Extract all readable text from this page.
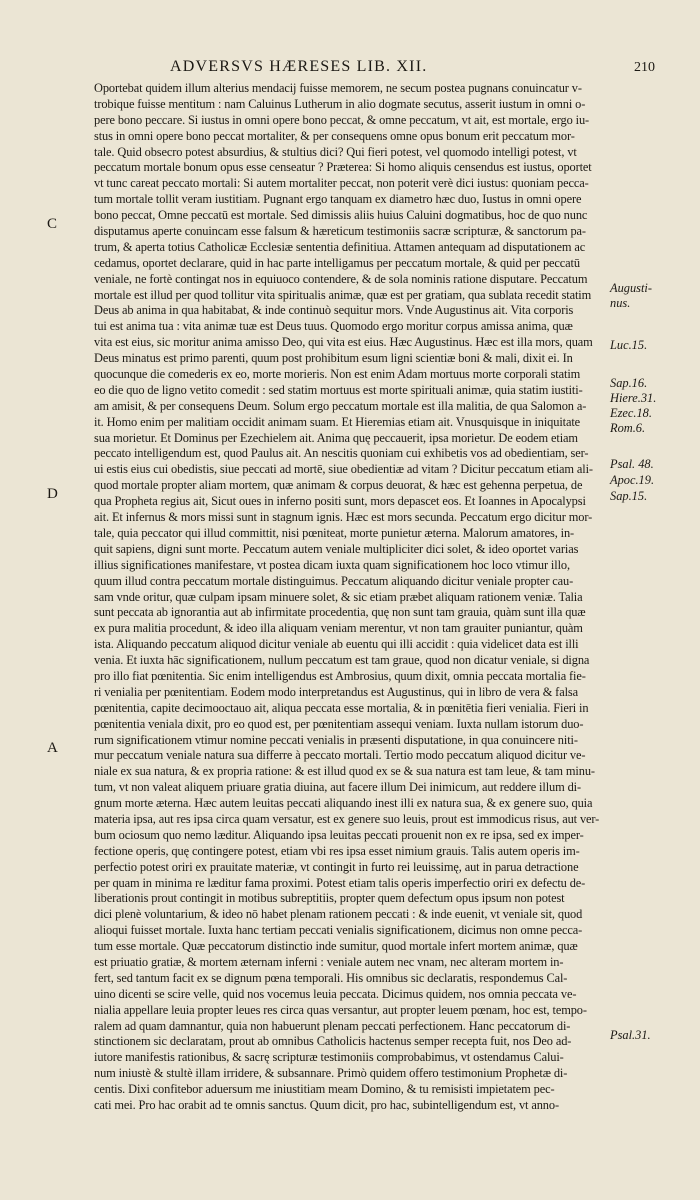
ADVERSVS HÆRESES LIB. XII.	210
C
D
A
Augusti-
nus.
Luc.15.
Sap.16.
Hiere.31.
Ezec.18.
Rom.6.
Psal. 48.
Apoc.19.
Sap.15.
Psal.31.
Oportebat quidem illum alterius mendacij fuisse memorem, ne secum postea pugnans conuincatur v-
trobique fuisse mentitum : nam Caluinus Lutherum in alio dogmate secutus, asserit iustum in omni o-
pere bono peccare. Si iustus in omni opere bono peccat, & omne peccatum, vt ait, est mortale, ergo iu-
stus in omni opere bono peccat mortaliter, & per consequens omne opus bonum erit peccatum mor-
tale. Quid obsecro potest absurdius, & stultius dici? Qui fieri potest, vel quomodo intelligi potest, vt
peccatum mortale bonum opus esse censeatur ? Præterea: Si homo aliquis censendus est iustus, oportet
vt tunc careat peccato mortali: Si autem mortaliter peccat, non poterit verè dici iustus: quoniam pecca-
tum mortale tollit veram iustitiam. Pugnant ergo tanquam ex diametro hæc duo, Iustus in omni opere
bono peccat, Omne peccatū est mortale. Sed dimissis aliis huius Caluini dogmatibus, hoc de quo nunc
disputamus aperte conuincam esse falsum & hæreticum testimoniis sacræ scripturæ, & sanctorum pa-
trum, & aperta totius Catholicæ Ecclesiæ sententia definitiua. Attamen antequam ad disputationem ac
cedamus, oportet declarare, quid in hac parte intelligamus per peccatum mortale, & quid per peccatū
veniale, ne fortè contingat nos in equiuoco contendere, & de sola nominis ratione disputare. Peccatum
mortale est illud per quod tollitur vita spiritualis animæ, quæ est per gratiam, qua sublata recedit statim
Deus ab anima in qua habitabat, & inde continuò sequitur mors. Vnde Augustinus ait. Vita corporis
tui est anima tua : vita animæ tuæ est Deus tuus. Quomodo ergo moritur corpus amissa anima, quæ
vita est eius, sic moritur anima amisso Deo, qui vita est eius. Hæc Augustinus. Hæc est illa mors, quam
Deus minatus est primo parenti, quum post prohibitum esum ligni scientiæ boni & mali, dixit ei. In
quocunque die comederis ex eo, morte morieris. Non est enim Adam mortuus morte corporali statim
eo die quo de ligno vetito comedit : sed statim mortuus est morte spirituali animæ, quia statim iustiti-
am amisit, & per consequens Deum. Solum ergo peccatum mortale est illa malitia, de qua Salomon a-
it. Homo enim per malitiam occidit animam suam. Et Hieremias etiam ait. Vnusquisque in iniquitate
sua morietur. Et Dominus per Ezechielem ait. Anima quę peccauerit, ipsa morietur. De eodem etiam
peccato intelligendum est, quod Paulus ait. An nescitis quoniam cui exhibetis vos ad obedientiam, ser-
ui estis eius cui obedistis, siue peccati ad mortē, siue obedientiæ ad vitam ? Dicitur peccatum etiam ali-
quod mortale propter aliam mortem, quæ animam & corpus deuorat, & hæc est gehenna perpetua, de
qua Propheta regius ait, Sicut oues in inferno positi sunt, mors depascet eos. Et Ioannes in Apocalypsi
ait. Et infernus & mors missi sunt in stagnum ignis. Hæc est mors secunda. Peccatum ergo dicitur mor-
tale, quia peccator qui illud committit, nisi pœniteat, morte punietur æterna. Malorum amatores, in-
quit sapiens, digni sunt morte. Peccatum autem veniale multipliciter dici solet, & ideo oportet varias
illius significationes manifestare, vt postea dicam iuxta quam significationem hoc loco vtimur illo,
quum illud contra peccatum mortale distinguimus. Peccatum aliquando dicitur veniale propter cau-
sam vnde oritur, quæ culpam ipsam minuere solet, & sic etiam præbet aliquam rationem veniæ. Talia
sunt peccata ab ignorantia aut ab infirmitate procedentia, quę non sunt tam grauia, quàm sunt illa quæ
ex pura malitia procedunt, & ideo illa aliquam veniam merentur, vt non tam grauiter puniantur, quàm
ista. Aliquando peccatum aliquod dicitur veniale ab euentu qui illi accidit : quia videlicet data est illi
venia. Et iuxta hāc significationem, nullum peccatum est tam graue, quod non dicatur veniale, si digna
pro illo fiat pœnitentia. Sic enim intelligendus est Ambrosius, quum dixit, omnia peccata mortalia fie-
ri venialia per pœnitentiam. Eodem modo interpretandus est Augustinus, qui in libro de vera & falsa
pœnitentia, capite decimooctauo ait, aliqua peccata esse mortalia, & in pœnitētia fieri venialia. Fieri in
pœnitentia veniala dixit, pro eo quod est, per pœnitentiam assequi veniam. Iuxta nullam istorum duo-
rum significationem vtimur nomine peccati venialis in præsenti disputatione, in qua conuincere niti-
mur peccatum veniale natura sua differre à peccato mortali. Tertio modo peccatum aliquod dicitur ve-
niale ex sua natura, & ex propria ratione: & est illud quod ex se & sua natura est tam leue, & tam minu-
tum, vt non valeat aliquem priuare gratia diuina, aut facere illum Dei inimicum, aut reddere illum di-
gnum morte æterna. Hæc autem leuitas peccati aliquando inest illi ex natura sua, & ex genere suo, quia
materia ipsa, aut res ipsa circa quam versatur, est ex genere suo leuis, prout est immodicus risus, aut ver-
bum ociosum quo nemo læditur. Aliquando ipsa leuitas peccati prouenit non ex re ipsa, sed ex imper-
fectione operis, quę contingere potest, etiam vbi res ipsa esset nimium grauis. Talis autem operis im-
perfectio potest oriri ex prauitate materiæ, vt contingit in furto rei leuissimę, aut in parua detractione
per quam in minima re læditur fama proximi. Potest etiam talis operis imperfectio oriri ex defectu de-
liberationis prout contingit in motibus subreptitiis, propter quem defectum opus ipsum non potest
dici plenè voluntarium, & ideo nō habet plenam rationem peccati : & inde euenit, vt veniale sit, quod
alioqui fuisset mortale. Iuxta hanc tertiam peccati venialis significationem, dicimus non omne pecca-
tum esse mortale. Quæ peccatorum distinctio inde sumitur, quod mortale infert mortem animæ, quæ
est priuatio gratiæ, & mortem æternam inferni : veniale autem nec vnam, nec alteram mortem in-
fert, sed tantum facit ex se dignum pœna temporali. His omnibus sic declaratis, respondemus Cal-
uino dicenti se scire velle, quid nos vocemus leuia peccata. Dicimus quidem, nos omnia peccata ve-
nialia appellare leuia propter leues res circa quas versantur, aut propter leuem pœnam, hoc est, tempo-
ralem ad quam damnantur, quia non habuerunt plenam peccati perfectionem. Hanc peccatorum di-
stinctionem sic declaratam, prout ab omnibus Catholicis hactenus semper recepta fuit, nos Deo ad-
iutore manifestis rationibus, & sacrę scripturæ testimoniis comprobabimus, vt ostendamus Calui-
num iniustè & stultè illam irridere, & subsannare. Primò quidem offero testimonium Prophetæ di-
centis. Dixi confitebor aduersum me iniustitiam meam Domino, & tu remisisti impietatem pec-
cati mei. Pro hac orabit ad te omnis sanctus. Quum dicit, pro hac, subintelligendum est, vt anno-
